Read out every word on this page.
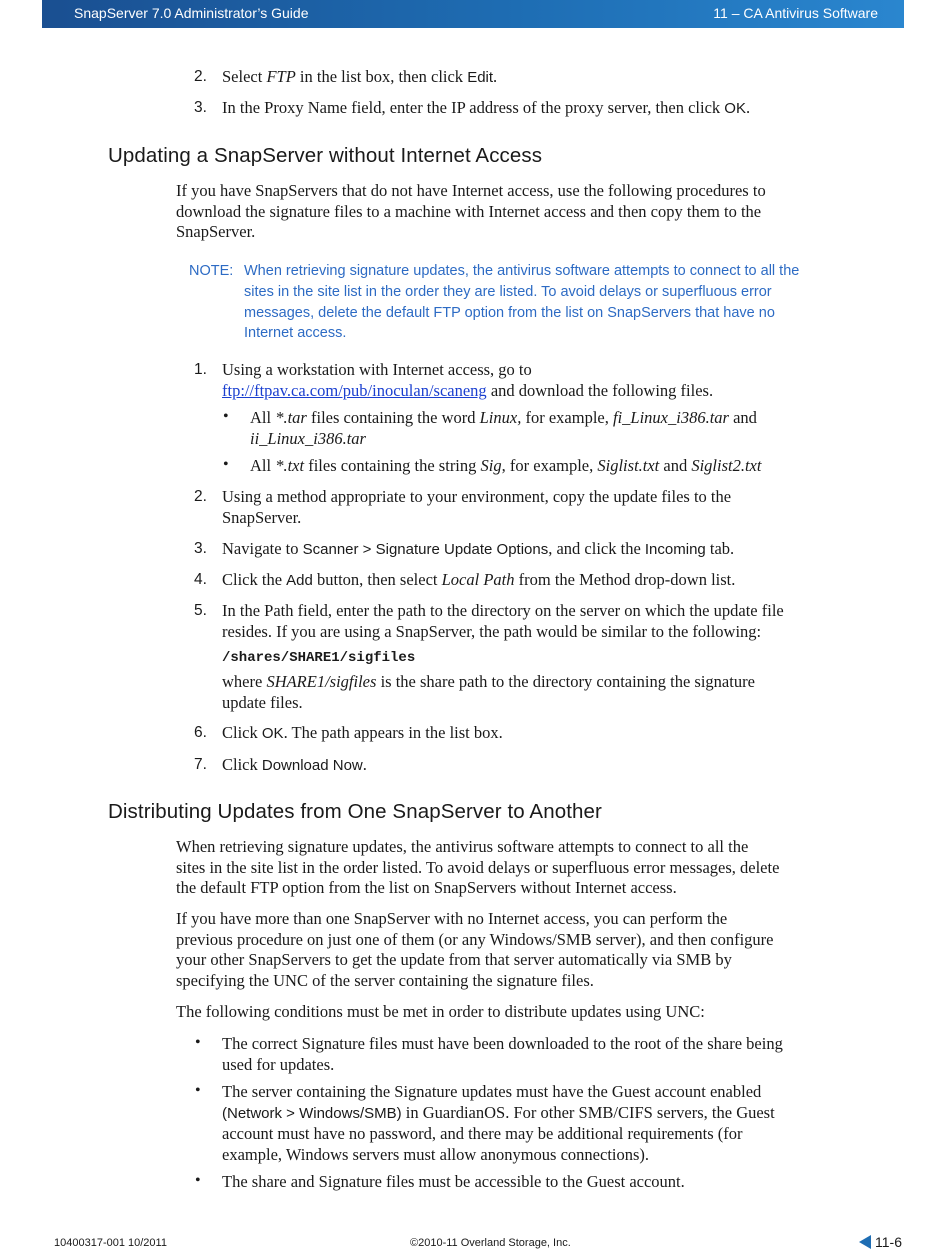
SnapServer 7.0 Administrator’s Guide	11 – CA Antivirus Software
2. Select FTP in the list box, then click Edit.
3. In the Proxy Name field, enter the IP address of the proxy server, then click OK.
Updating a SnapServer without Internet Access
If you have SnapServers that do not have Internet access, use the following procedures to
download the signature files to a machine with Internet access and then copy them to the
SnapServer.
NOTE: When retrieving signature updates, the antivirus software attempts to connect to all the
sites in the site list in the order they are listed. To avoid delays or superfluous error
messages, delete the default FTP option from the list on SnapServers that have no
Internet access.
1. Using a workstation with Internet access, go to
ftp://ftpav.ca.com/pub/inoculan/scaneng and download the following files.
• All *.tar files containing the word Linux, for example, fi_Linux_i386.tar and
ii_Linux_i386.tar
• All *.txt files containing the string Sig, for example, Siglist.txt and Siglist2.txt
2. Using a method appropriate to your environment, copy the update files to the
SnapServer.
3. Navigate to Scanner > Signature Update Options, and click the Incoming tab.
4. Click the Add button, then select Local Path from the Method drop-down list.
5. In the Path field, enter the path to the directory on the server on which the update file
resides. If you are using a SnapServer, the path would be similar to the following:
/shares/SHARE1/sigfiles
where SHARE1/sigfiles is the share path to the directory containing the signature
update files.
6. Click OK. The path appears in the list box.
7. Click Download Now.
Distributing Updates from One SnapServer to Another
When retrieving signature updates, the antivirus software attempts to connect to all the
sites in the site list in the order listed. To avoid delays or superfluous error messages, delete
the default FTP option from the list on SnapServers without Internet access.
If you have more than one SnapServer with no Internet access, you can perform the
previous procedure on just one of them (or any Windows/SMB server), and then configure
your other SnapServers to get the update from that server automatically via SMB by
specifying the UNC of the server containing the signature files.
The following conditions must be met in order to distribute updates using UNC:
• The correct Signature files must have been downloaded to the root of the share being
used for updates.
• The server containing the Signature updates must have the Guest account enabled
(Network > Windows/SMB) in GuardianOS. For other SMB/CIFS servers, the Guest
account must have no password, and there may be additional requirements (for
example, Windows servers must allow anonymous connections).
• The share and Signature files must be accessible to the Guest account.
10400317-001 10/2011	©2010-11 Overland Storage, Inc.	11-6
